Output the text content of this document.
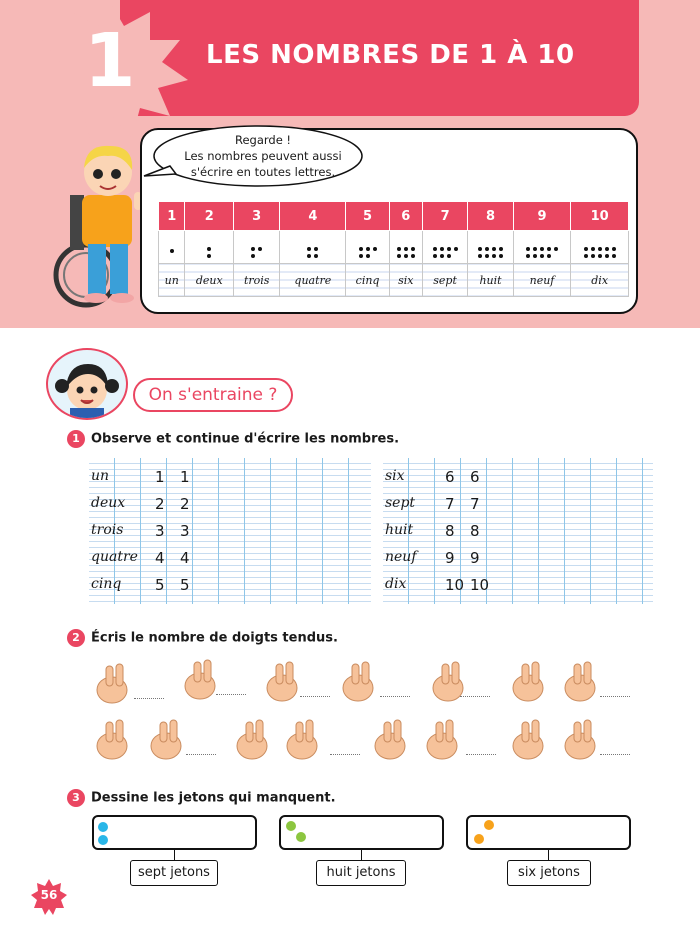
1	LES NOMBRES DE 1 À 10
Regarde !
Les nombres peuvent aussi
s'écrire en toutes lettres.
1	2	3	4	5	6	7	8	9	10

un	deux	trois	quatre	cinq	six	sept	huit	neuf	dix
On s'entraine ?
1 Observe et continue d'écrire les nombres.
un	1 1
deux 2 2
trois 3 3
quatre 4 4
cinq 5 5
six	6 6
sept 7 7
huit 8 8
neuf 9 9
dix	10 10
2 Écris le nombre de doigts tendus.
3 Dessine les jetons qui manquent.
sept jetons	huit jetons	six jetons
56
